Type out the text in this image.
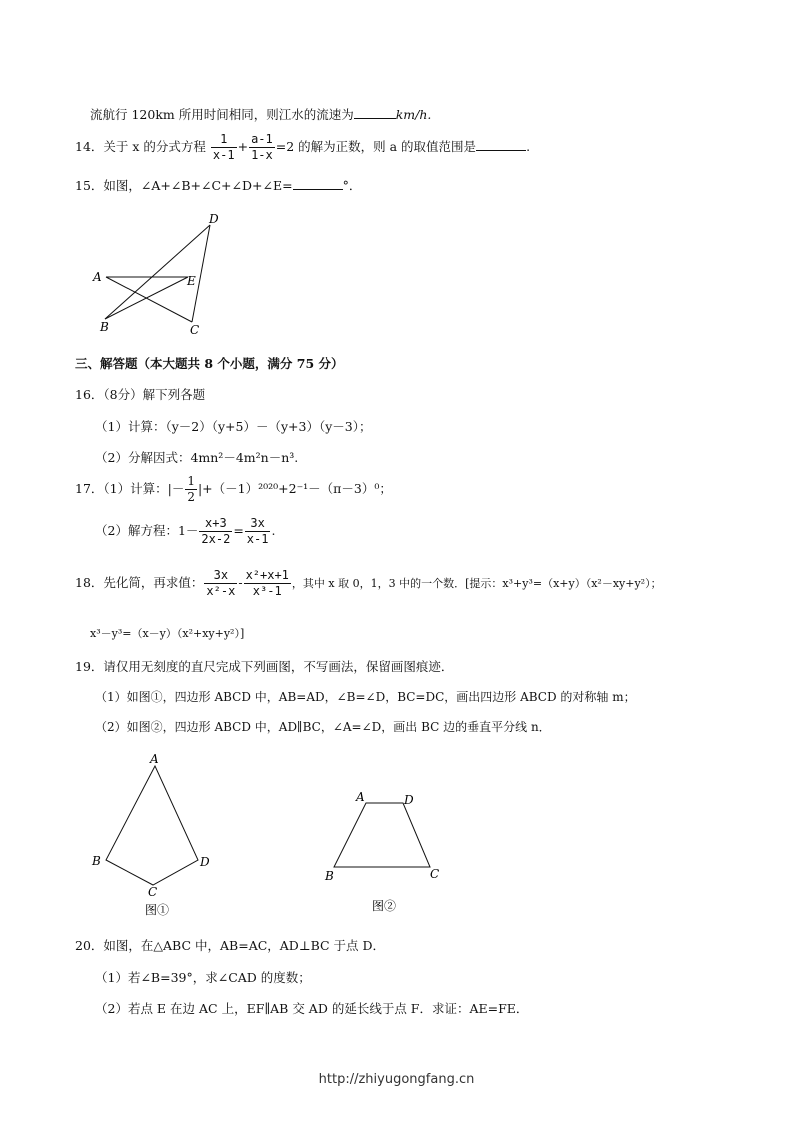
流航行 120km 所用时间相同，则江水的流速为	km/h.
14．关于 x 的分式方程 $\frac{1}{x-1} + \frac{a-1}{1-x} =2$ 的解为正数，则 a 的取值范围是	.
15．如图，∠A+∠B+∠C+∠D+∠E=	°．
A
B	C
D
E
三、解答题（本大题共 8 个小题，满分 75 分）
16．（8分）解下列各题
（1）计算：（y－2）（y+5）－（y+3）（y－3）；
（2）分解因式：4mn²－4m²n－n³.
17．（1）计算：|－ $\frac{1}{2} |+(-1)^{2020}+2^{-1}-(\pi-3)^0$；
（2）解方程：$1- \frac{x+3}{2x-2} = \frac{3x}{x-1}$ .
18．先化简，再求值： $\frac{3x}{\text{x²-x}} - \frac{\text{x²+x+1}}{\text{x³-1}}$ ，其中 x 取 0，1，3 中的一个数．[提示：x³+y³=（x+y）（x²－xy+y²）；
x³－y³=（x－y）（x²+xy+y²）]
19．请仅用无刻度的直尺完成下列画图，不写画法，保留画图痕迹．
（1）如图①，四边形 ABCD 中，AB=AD，∠B=∠D，BC=DC，画出四边形 ABCD 的对称轴 m；
（2）如图②，四边形 ABCD 中，AD∥BC，∠A=∠D，画出 BC 边的垂直平分线 n．
A
B
C
D
图①
A	D
B	C
图②
20．如图，在△ABC 中，AB=AC，AD⊥BC 于点 D．
（1）若∠B=39°，求∠CAD 的度数；
（2）若点 E 在边 AC 上，EF∥AB 交 AD 的延长线于点 F．求证：AE=FE．
http://zhiyugongfang.cn
